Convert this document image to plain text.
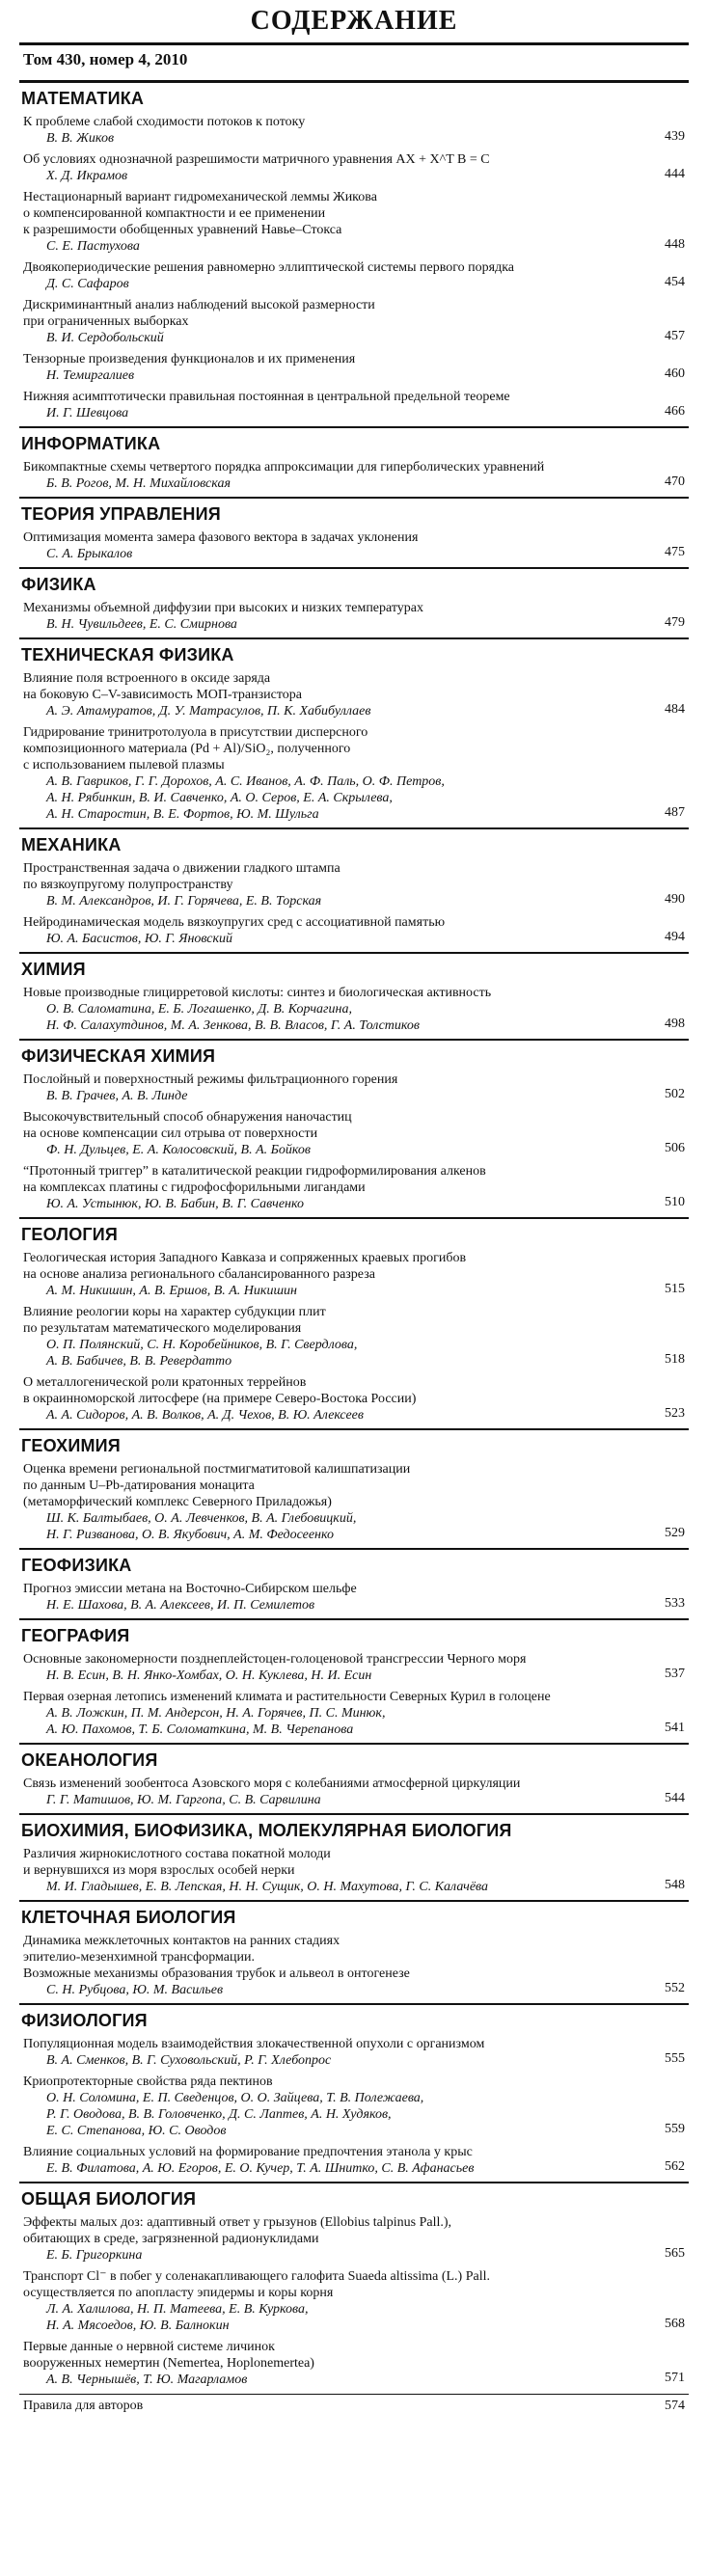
СОДЕРЖАНИЕ
Том 430, номер 4, 2010
МАТЕМАТИКА
К проблеме слабой сходимости потоков к потоку
В. В. Жиков	439
Об условиях однозначной разрешимости матричного уравнения AX + X^T B = C
Х. Д. Икрамов	444
Нестационарный вариант гидромеханической леммы Жикова
о компенсированной компактности и ее применении
к разрешимости обобщенных уравнений Навье–Стокса
С. Е. Пастухова	448
Двоякопериодические решения равномерно эллиптической системы первого порядка
Д. С. Сафаров	454
Дискриминантный анализ наблюдений высокой размерности
при ограниченных выборках
В. И. Сердобольский	457
Тензорные произведения функционалов и их применения
Н. Темиргалиев	460
Нижняя асимптотически правильная постоянная в центральной предельной теореме
И. Г. Шевцова	466
ИНФОРМАТИКА
Бикомпактные схемы четвертого порядка аппроксимации для гиперболических уравнений
Б. В. Рогов, М. Н. Михайловская	470
ТЕОРИЯ УПРАВЛЕНИЯ
Оптимизация момента замера фазового вектора в задачах уклонения
С. А. Брыкалов	475
ФИЗИКА
Механизмы объемной диффузии при высоких и низких температурах
В. Н. Чувильдеев, Е. С. Смирнова	479
ТЕХНИЧЕСКАЯ ФИЗИКА
Влияние поля встроенного в оксиде заряда
на боковую C–V-зависимость МОП-транзистора
А. Э. Атамуратов, Д. У. Матрасулов, П. К. Хабибуллаев	484
Гидрирование тринитротолуола в присутствии дисперсного
композиционного материала (Pd + Al)/SiO₂, полученного
с использованием пылевой плазмы
А. В. Гавриков, Г. Г. Дорохов, А. С. Иванов, А. Ф. Паль, О. Ф. Петров,
А. Н. Рябинкин, В. И. Савченко, А. О. Серов, Е. А. Скрылева,
А. Н. Старостин, В. Е. Фортов, Ю. М. Шульга	487
МЕХАНИКА
Пространственная задача о движении гладкого штампа
по вязкоупругому полупространству
В. М. Александров, И. Г. Горячева, Е. В. Торская	490
Нейродинамическая модель вязкоупругих сред с ассоциативной памятью
Ю. А. Басистов, Ю. Г. Яновский	494
ХИМИЯ
Новые производные глицирретовой кислоты: синтез и биологическая активность
О. В. Саломатина, Е. Б. Логашенко, Д. В. Корчагина,
Н. Ф. Салахутдинов, М. А. Зенкова, В. В. Власов, Г. А. Толстиков	498
ФИЗИЧЕСКАЯ ХИМИЯ
Послойный и поверхностный режимы фильтрационного горения
В. В. Грачев, А. В. Линде	502
Высокочувствительный способ обнаружения наночастиц
на основе компенсации сил отрыва от поверхности
Ф. Н. Дульцев, Е. А. Колосовский, В. А. Бойков	506
“Протонный триггер” в каталитической реакции гидроформилирования алкенов
на комплексах платины с гидрофосфорильными лигандами
Ю. А. Устынюк, Ю. В. Бабин, В. Г. Савченко	510
ГЕОЛОГИЯ
Геологическая история Западного Кавказа и сопряженных краевых прогибов
на основе анализа регионального сбалансированного разреза
А. М. Никишин, А. В. Ершов, В. А. Никишин	515
Влияние реологии коры на характер субдукции плит
по результатам математического моделирования
О. П. Полянский, С. Н. Коробейников, В. Г. Свердлова,
А. В. Бабичев, В. В. Ревердатто	518
О металлогенической роли кратонных террейнов
в окраинноморской литосфере (на примере Северо-Востока России)
А. А. Сидоров, А. В. Волков, А. Д. Чехов, В. Ю. Алексеев	523
ГЕОХИМИЯ
Оценка времени региональной постмигматитовой калишпатизации
по данным U–Pb-датирования монацита
(метаморфический комплекс Северного Приладожья)
Ш. К. Балтыбаев, О. А. Левченков, В. А. Глебовицкий,
Н. Г. Ризванова, О. В. Якубович, А. М. Федосеенко	529
ГЕОФИЗИКА
Прогноз эмиссии метана на Восточно-Сибирском шельфе
Н. Е. Шахова, В. А. Алексеев, И. П. Семилетов	533
ГЕОГРАФИЯ
Основные закономерности позднеплейстоцен-голоценовой трансгрессии Черного моря
Н. В. Есин, В. Н. Янко-Хомбах, О. Н. Куклева, Н. И. Есин	537
Первая озерная летопись изменений климата и растительности Северных Курил в голоцене
А. В. Ложкин, П. М. Андерсон, Н. А. Горячев, П. С. Минюк,
А. Ю. Пахомов, Т. Б. Соломаткина, М. В. Черепанова	541
ОКЕАНОЛОГИЯ
Связь изменений зообентоса Азовского моря с колебаниями атмосферной циркуляции
Г. Г. Матишов, Ю. М. Гаргопа, С. В. Сарвилина	544
БИОХИМИЯ, БИОФИЗИКА, МОЛЕКУЛЯРНАЯ БИОЛОГИЯ
Различия жирнокислотного состава покатной молоди
и вернувшихся из моря взрослых особей нерки
М. И. Гладышев, Е. В. Лепская, Н. Н. Сущик, О. Н. Махутова, Г. С. Калачёва	548
КЛЕТОЧНАЯ БИОЛОГИЯ
Динамика межклеточных контактов на ранних стадиях
эпителио-мезенхимной трансформации.
Возможные механизмы образования трубок и альвеол в онтогенезе
С. Н. Рубцова, Ю. М. Васильев	552
ФИЗИОЛОГИЯ
Популяционная модель взаимодействия злокачественной опухоли с организмом
В. А. Сменков, В. Г. Суховольский, Р. Г. Хлебопрос	555
Криопротекторные свойства ряда пектинов
О. Н. Соломина, Е. П. Сведенцов, О. О. Зайцева, Т. В. Полежаева,
Р. Г. Оводова, В. В. Головченко, Д. С. Лаптев, А. Н. Худяков,
Е. С. Степанова, Ю. С. Оводов	559
Влияние социальных условий на формирование предпочтения этанола у крыс
Е. В. Филатова, А. Ю. Егоров, Е. О. Кучер, Т. А. Шнитко, С. В. Афанасьев	562
ОБЩАЯ БИОЛОГИЯ
Эффекты малых доз: адаптивный ответ у грызунов (Ellobius talpinus Pall.),
обитающих в среде, загрязненной радионуклидами
Е. Б. Григоркина	565
Транспорт Cl⁻ в побег у соленакапливающего галофита Suaeda altissima (L.) Pall.
осуществляется по апопласту эпидермы и коры корня
Л. А. Халилова, Н. П. Матеева, Е. В. Куркова,
Н. А. Мясоедов, Ю. В. Балнокин	568
Первые данные о нервной системе личинок
вооруженных немертин (Nemertea, Hoplonemertea)
А. В. Чернышёв, Т. Ю. Магарламов	571
Правила для авторов	574
